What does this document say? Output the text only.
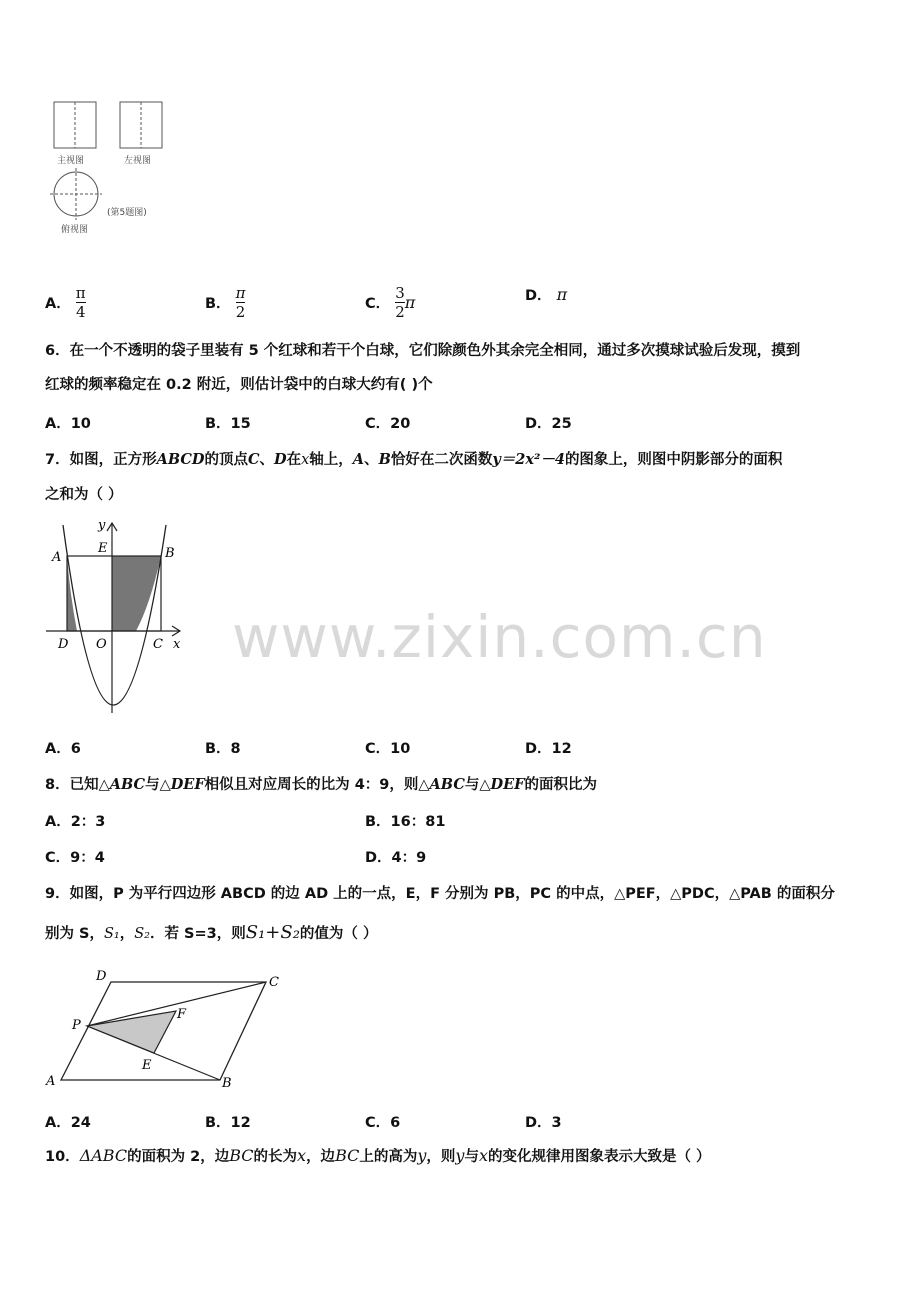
主视图	左视图
(第5题图)
俯视图
A． $\frac{\pi}{4}$	B． $\frac{\pi}{2}$	C． $\frac{3}{2}$ π	D． π
6．在一个不透明的袋子里装有 5 个红球和若干个白球，它们除颜色外其余完全相同，通过多次摸球试验后发现，摸到
红球的频率稳定在 0.2 附近，则估计袋中的白球大约有( )个
A．10	B．15	C．20	D．25
7．如图，正方形ABCD的顶点C、D在x轴上，A、B恰好在二次函数y＝2x²－4的图象上，则图中阴影部分的面积
之和为（ ）
y
A
E	B
D O	C x www.zixin.com.cn
A．6	B．8	C．10	D．12
8．已知△ABC与△DEF相似且对应周长的比为 4：9，则△ABC与△DEF的面积比为
A．2：3	B．16：81
C．9：4	D．4：9
9．如图，P 为平行四边形 ABCD 的边 AD 上的一点，E，F 分别为 PB，PC 的中点，△PEF，△PDC，△PAB 的面积分
别为 S，S₁，S₂．若 S=3，则S₁+S₂的值为（ ）
D	C
P
F
E
A	B
A．24	B．12	C．6	D．3
10．ΔABC的面积为 2，边BC的长为x，边BC上的高为y，则y与x的变化规律用图象表示大致是（ ）
